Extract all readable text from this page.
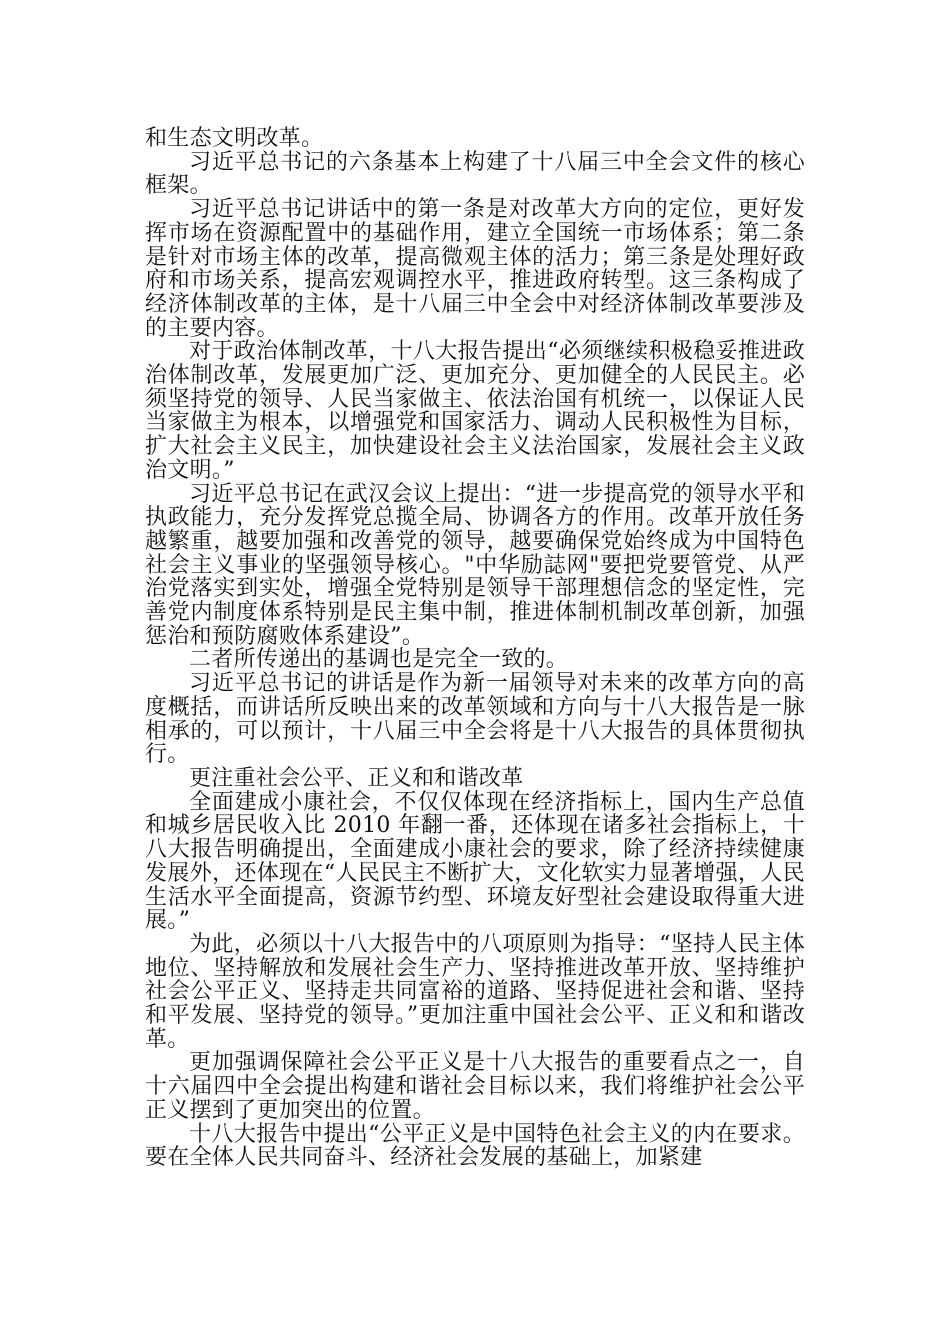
和生态文明改革。

习近平总书记的六条基本上构建了十八届三中全会文件的核心框架。

习近平总书记讲话中的第一条是对改革大方向的定位，更好发挥市场在资源配置中的基础作用，建立全国统一市场体系；第二条是针对市场主体的改革，提高微观主体的活力；第三条是处理好政府和市场关系，提高宏观调控水平，推进政府转型。这三条构成了经济体制改革的主体，是十八届三中全会中对经济体制改革要涉及的主要内容。

对于政治体制改革，十八大报告提出“必须继续积极稳妥推进政治体制改革，发展更加广泛、更加充分、更加健全的人民民主。必须坚持党的领导、人民当家做主、依法治国有机统一，以保证人民当家做主为根本，以增强党和国家活力、调动人民积极性为目标，扩大社会主义民主，加快建设社会主义法治国家，发展社会主义政治文明。”

习近平总书记在武汉会议上提出：“进一步提高党的领导水平和执政能力，充分发挥党总揽全局、协调各方的作用。改革开放任务越繁重，越要加强和改善党的领导，越要确保党始终成为中国特色社会主义事业的坚强领导核心。"中华励誌网"要把党要管党、从严治党落实到实处，增强全党特别是领导干部理想信念的坚定性，完善党内制度体系特别是民主集中制，推进体制机制改革创新，加强惩治和预防腐败体系建设”。

二者所传递出的基调也是完全一致的。

习近平总书记的讲话是作为新一届领导对未来的改革方向的高度概括，而讲话所反映出来的改革领域和方向与十八大报告是一脉相承的，可以预计，十八届三中全会将是十八大报告的具体贯彻执行。

更注重社会公平、正义和和谐改革

全面建成小康社会，不仅仅体现在经济指标上，国内生产总值和城乡居民收入比 2010 年翻一番，还体现在诸多社会指标上，十八大报告明确提出，全面建成小康社会的要求，除了经济持续健康发展外，还体现在“人民民主不断扩大，文化软实力显著增强，人民生活水平全面提高，资源节约型、环境友好型社会建设取得重大进展。”

为此，必须以十八大报告中的八项原则为指导：“坚持人民主体地位、坚持解放和发展社会生产力、坚持推进改革开放、坚持维护社会公平正义、坚持走共同富裕的道路、坚持促进社会和谐、坚持和平发展、坚持党的领导。”更加注重中国社会公平、正义和和谐改革。

更加强调保障社会公平正义是十八大报告的重要看点之一，自十六届四中全会提出构建和谐社会目标以来，我们将维护社会公平正义摆到了更加突出的位置。

十八大报告中提出“公平正义是中国特色社会主义的内在要求。要在全体人民共同奋斗、经济社会发展的基础上，加紧建
